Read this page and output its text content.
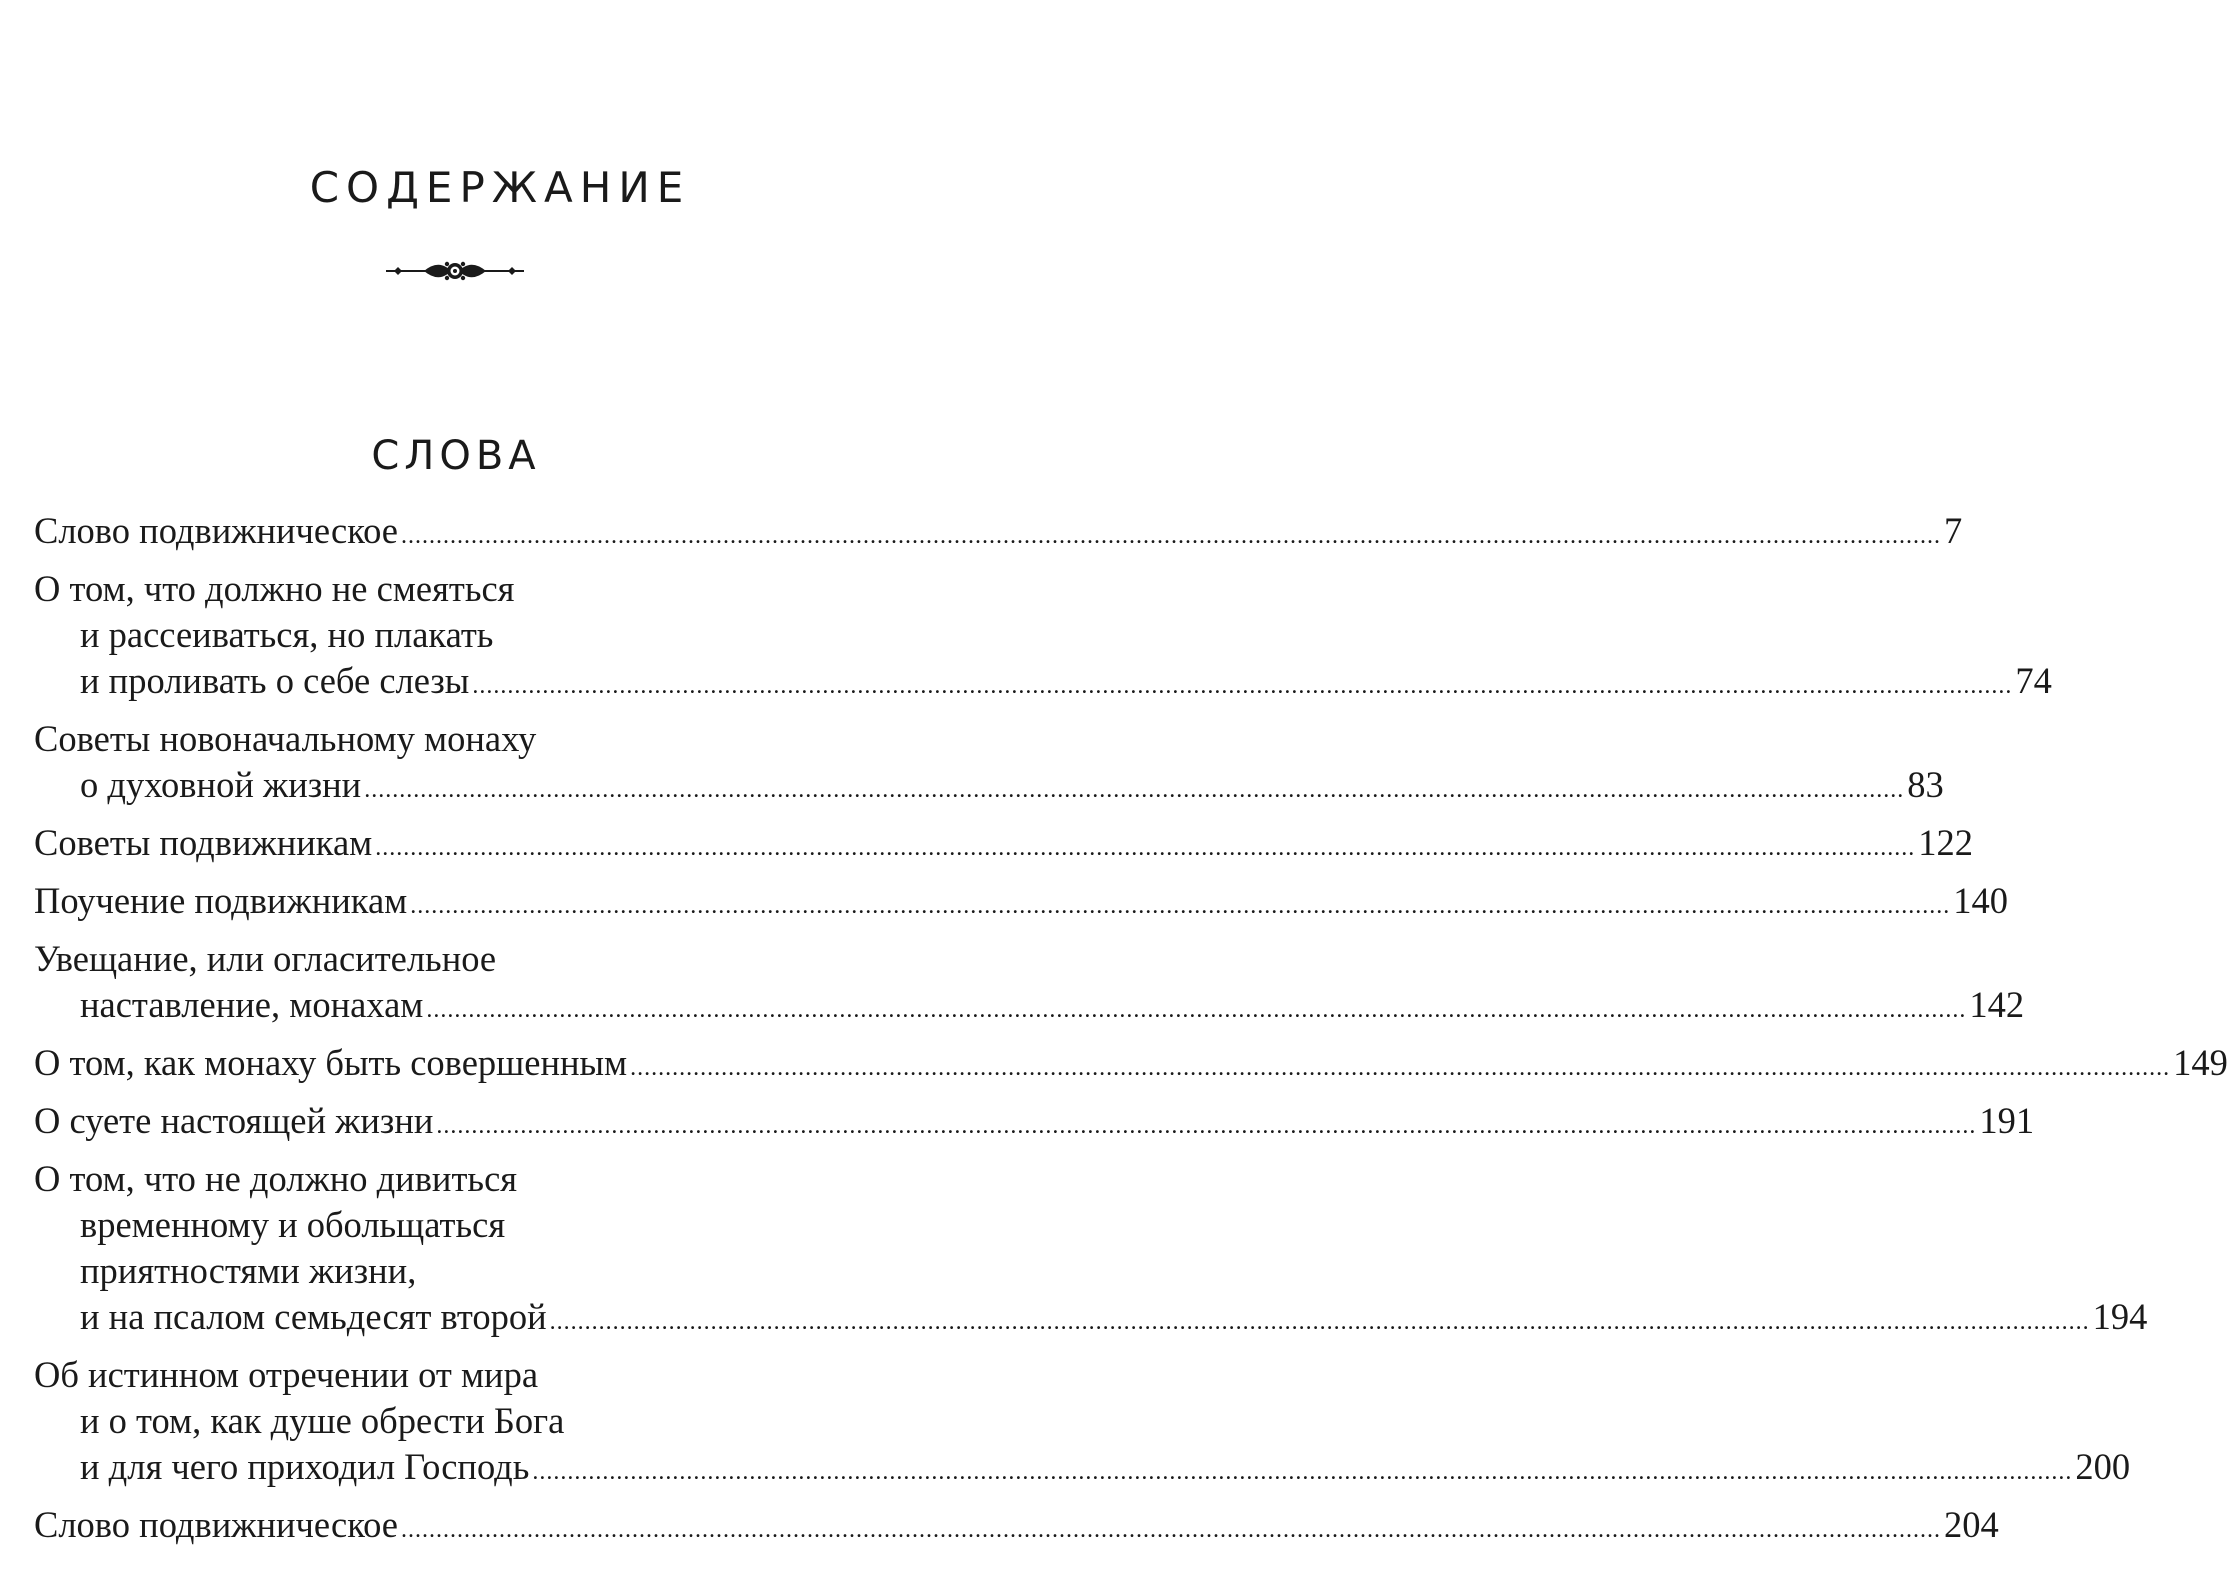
СОДЕРЖАНИЕ
СЛОВА
Слово подвижническое ............................................................................................................................................................................................................................ 7
О том, что должно не смеяться
и рассеиваться, но плакать
и проливать о себе слезы ............................................................................................................................................................................................................................ 74
Советы новоначальному монаху
о духовной жизни ............................................................................................................................................................................................................................ 83
Советы подвижникам ............................................................................................................................................................................................................................ 122
Поучение подвижникам ............................................................................................................................................................................................................................ 140
Увещание, или огласительное
наставление, монахам ............................................................................................................................................................................................................................ 142
О том, как монаху быть совершенным ............................................................................................................................................................................................................................ 149
О суете настоящей жизни ............................................................................................................................................................................................................................ 191
О том, что не должно дивиться
временному и обольщаться
приятностями жизни,
и на псалом семьдесят второй ............................................................................................................................................................................................................................ 194
Об истинном отречении от мира
и о том, как душе обрести Бога
и для чего приходил Господь ............................................................................................................................................................................................................................ 200
Слово подвижническое ............................................................................................................................................................................................................................ 204
